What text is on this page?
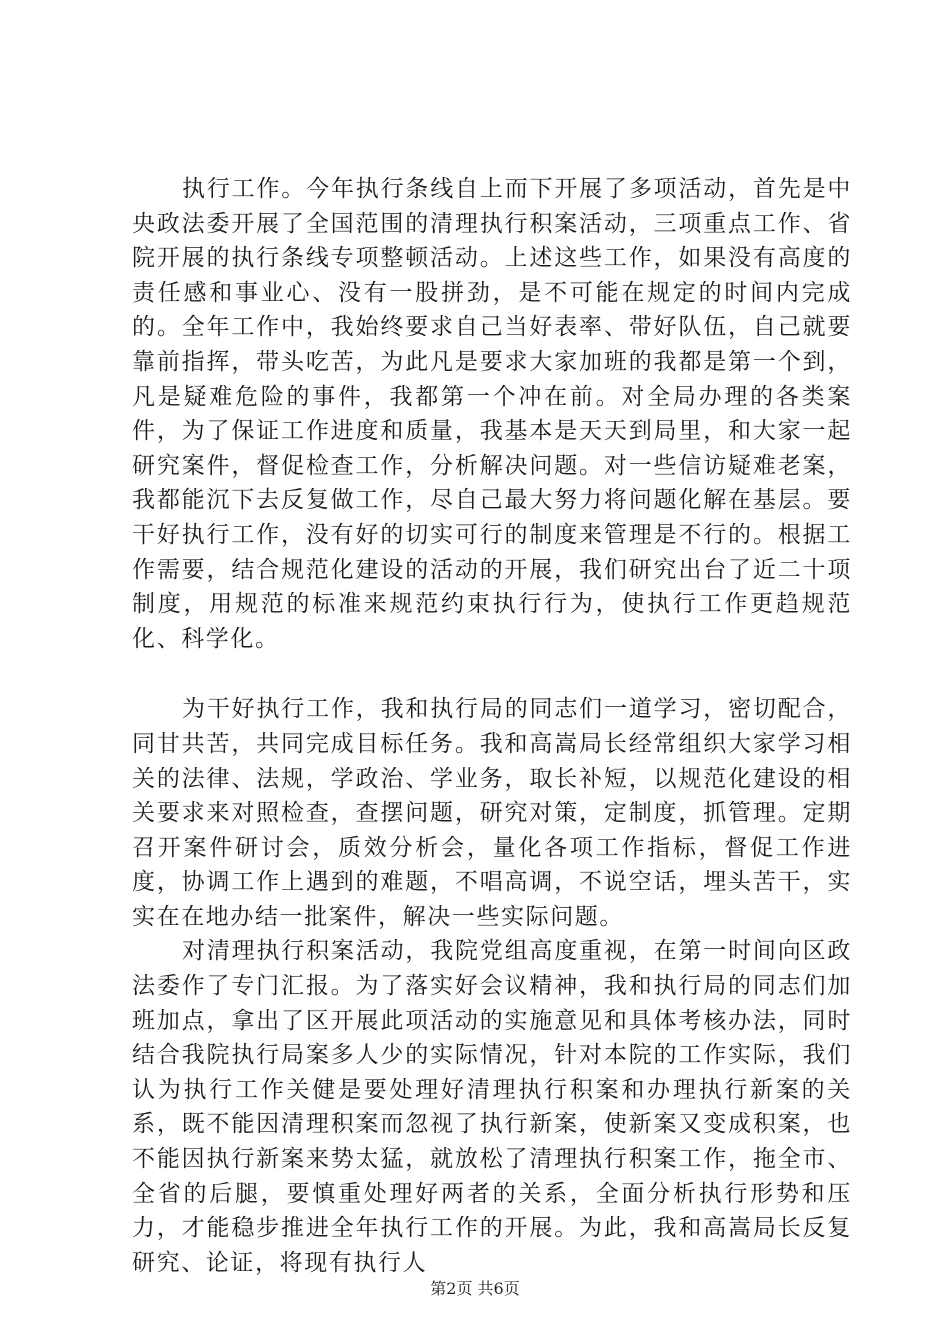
执行工作。今年执行条线自上而下开展了多项活动，首先是中央政法委开展了全国范围的清理执行积案活动，三项重点工作、省院开展的执行条线专项整顿活动。上述这些工作，如果没有高度的责任感和事业心、没有一股拼劲，是不可能在规定的时间内完成的。全年工作中，我始终要求自己当好表率、带好队伍，自己就要靠前指挥，带头吃苦，为此凡是要求大家加班的我都是第一个到，凡是疑难危险的事件，我都第一个冲在前。对全局办理的各类案件，为了保证工作进度和质量，我基本是天天到局里，和大家一起研究案件，督促检查工作，分析解决问题。对一些信访疑难老案，我都能沉下去反复做工作，尽自己最大努力将问题化解在基层。要干好执行工作，没有好的切实可行的制度来管理是不行的。根据工作需要，结合规范化建设的活动的开展，我们研究出台了近二十项制度，用规范的标准来规范约束执行行为，使执行工作更趋规范化、科学化。

为干好执行工作，我和执行局的同志们一道学习，密切配合，同甘共苦，共同完成目标任务。我和高嵩局长经常组织大家学习相关的法律、法规，学政治、学业务，取长补短，以规范化建设的相关要求来对照检查，查摆问题，研究对策，定制度，抓管理。定期召开案件研讨会，质效分析会，量化各项工作指标，督促工作进度，协调工作上遇到的难题，不唱高调，不说空话，埋头苦干，实实在在地办结一批案件，解决一些实际问题。

对清理执行积案活动，我院党组高度重视，在第一时间向区政法委作了专门汇报。为了落实好会议精神，我和执行局的同志们加班加点，拿出了区开展此项活动的实施意见和具体考核办法，同时结合我院执行局案多人少的实际情况，针对本院的工作实际，我们认为执行工作关健是要处理好清理执行积案和办理执行新案的关系，既不能因清理积案而忽视了执行新案，使新案又变成积案，也不能因执行新案来势太猛，就放松了清理执行积案工作，拖全市、全省的后腿，要慎重处理好两者的关系，全面分析执行形势和压力，才能稳步推进全年执行工作的开展。为此，我和高嵩局长反复研究、论证，将现有执行人

第2页 共6页
